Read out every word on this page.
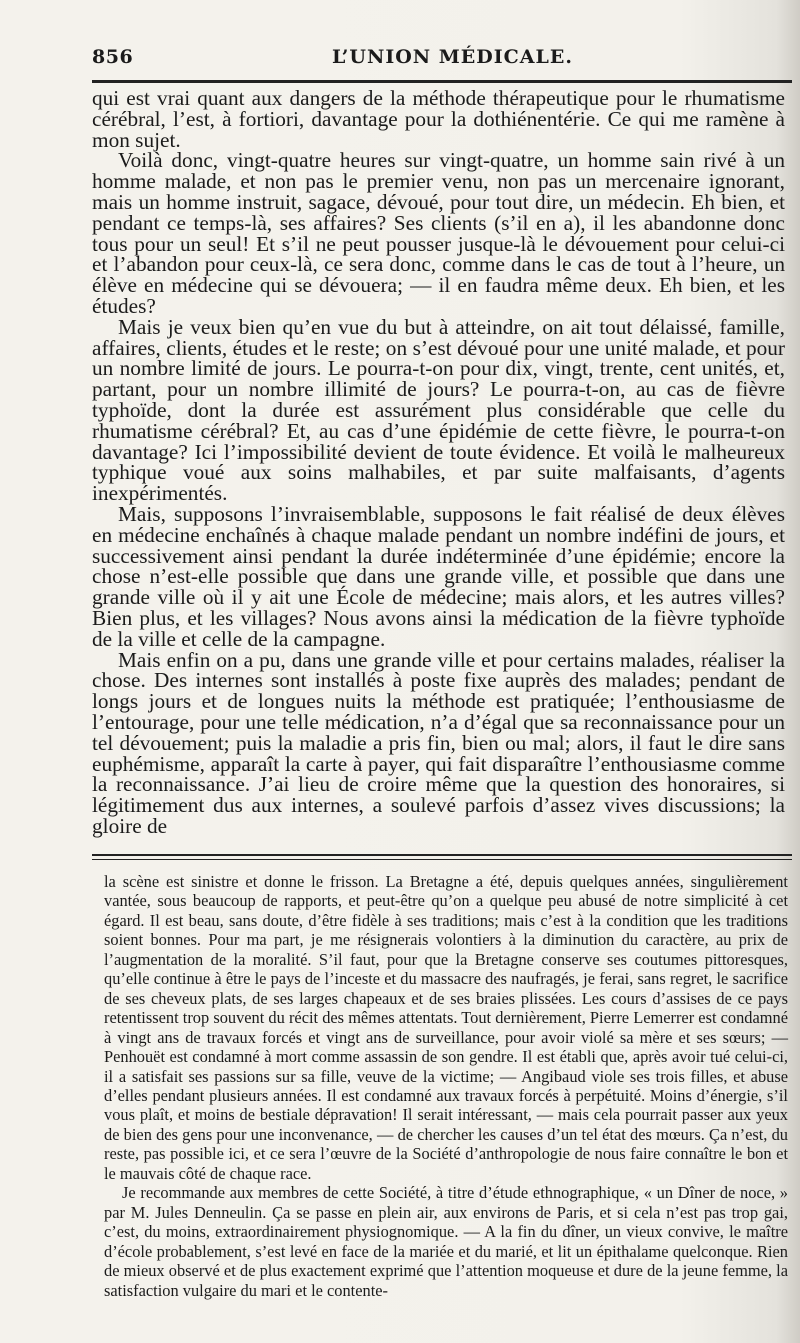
856	L’UNION MÉDICALE.

qui est vrai quant aux dangers de la méthode thérapeutique pour le rhumatisme cérébral, l’est, à fortiori, davantage pour la dothiénentérie. Ce qui me ramène à mon sujet.

Voilà donc, vingt-quatre heures sur vingt-quatre, un homme sain rivé à un homme malade, et non pas le premier venu, non pas un mercenaire ignorant, mais un homme instruit, sagace, dévoué, pour tout dire, un médecin. Eh bien, et pendant ce temps-là, ses affaires? Ses clients (s’il en a), il les abandonne donc tous pour un seul! Et s’il ne peut pousser jusque-là le dévouement pour celui-ci et l’abandon pour ceux-là, ce sera donc, comme dans le cas de tout à l’heure, un élève en médecine qui se dévouera; — il en faudra même deux. Eh bien, et les études?

Mais je veux bien qu’en vue du but à atteindre, on ait tout délaissé, famille, affaires, clients, études et le reste; on s’est dévoué pour une unité malade, et pour un nombre limité de jours. Le pourra-t-on pour dix, vingt, trente, cent unités, et, partant, pour un nombre illimité de jours? Le pourra-t-on, au cas de fièvre typhoïde, dont la durée est assurément plus considérable que celle du rhumatisme cérébral? Et, au cas d’une épidémie de cette fièvre, le pourra-t-on davantage? Ici l’impossibilité devient de toute évidence. Et voilà le malheureux typhique voué aux soins malhabiles, et par suite malfaisants, d’agents inexpérimentés.

Mais, supposons l’invraisemblable, supposons le fait réalisé de deux élèves en médecine enchaînés à chaque malade pendant un nombre indéfini de jours, et successivement ainsi pendant la durée indéterminée d’une épidémie; encore la chose n’est-elle possible que dans une grande ville, et possible que dans une grande ville où il y ait une École de médecine; mais alors, et les autres villes? Bien plus, et les villages? Nous avons ainsi la médication de la fièvre typhoïde de la ville et celle de la campagne.

Mais enfin on a pu, dans une grande ville et pour certains malades, réaliser la chose. Des internes sont installés à poste fixe auprès des malades; pendant de longs jours et de longues nuits la méthode est pratiquée; l’enthousiasme de l’entourage, pour une telle médication, n’a d’égal que sa reconnaissance pour un tel dévouement; puis la maladie a pris fin, bien ou mal; alors, il faut le dire sans euphémisme, apparaît la carte à payer, qui fait disparaître l’enthousiasme comme la reconnaissance. J’ai lieu de croire même que la question des honoraires, si légitimement dus aux internes, a soulevé parfois d’assez vives discussions; la gloire de

la scène est sinistre et donne le frisson. La Bretagne a été, depuis quelques années, singulièrement vantée, sous beaucoup de rapports, et peut-être qu’on a quelque peu abusé de notre simplicité à cet égard. Il est beau, sans doute, d’être fidèle à ses traditions; mais c’est à la condition que les traditions soient bonnes. Pour ma part, je me résignerais volontiers à la diminution du caractère, au prix de l’augmentation de la moralité. S’il faut, pour que la Bretagne conserve ses coutumes pittoresques, qu’elle continue à être le pays de l’inceste et du massacre des naufragés, je ferai, sans regret, le sacrifice de ses cheveux plats, de ses larges chapeaux et de ses braies plissées. Les cours d’assises de ce pays retentissent trop souvent du récit des mêmes attentats. Tout dernièrement, Pierre Lemerrer est condamné à vingt ans de travaux forcés et vingt ans de surveillance, pour avoir violé sa mère et ses sœurs; — Penhouët est condamné à mort comme assassin de son gendre. Il est établi que, après avoir tué celui-ci, il a satisfait ses passions sur sa fille, veuve de la victime; — Angibaud viole ses trois filles, et abuse d’elles pendant plusieurs années. Il est condamné aux travaux forcés à perpétuité. Moins d’énergie, s’il vous plaît, et moins de bestiale dépravation! Il serait intéressant, — mais cela pourrait passer aux yeux de bien des gens pour une inconvenance, — de chercher les causes d’un tel état des mœurs. Ça n’est, du reste, pas possible ici, et ce sera l’œuvre de la Société d’anthropologie de nous faire connaître le bon et le mauvais côté de chaque race.

Je recommande aux membres de cette Société, à titre d’étude ethnographique, « un Dîner de noce, » par M. Jules Denneulin. Ça se passe en plein air, aux environs de Paris, et si cela n’est pas trop gai, c’est, du moins, extraordinairement physiognomique. — A la fin du dîner, un vieux convive, le maître d’école probablement, s’est levé en face de la mariée et du marié, et lit un épithalame quelconque. Rien de mieux observé et de plus exactement exprimé que l’attention moqueuse et dure de la jeune femme, la satisfaction vulgaire du mari et le contente-
